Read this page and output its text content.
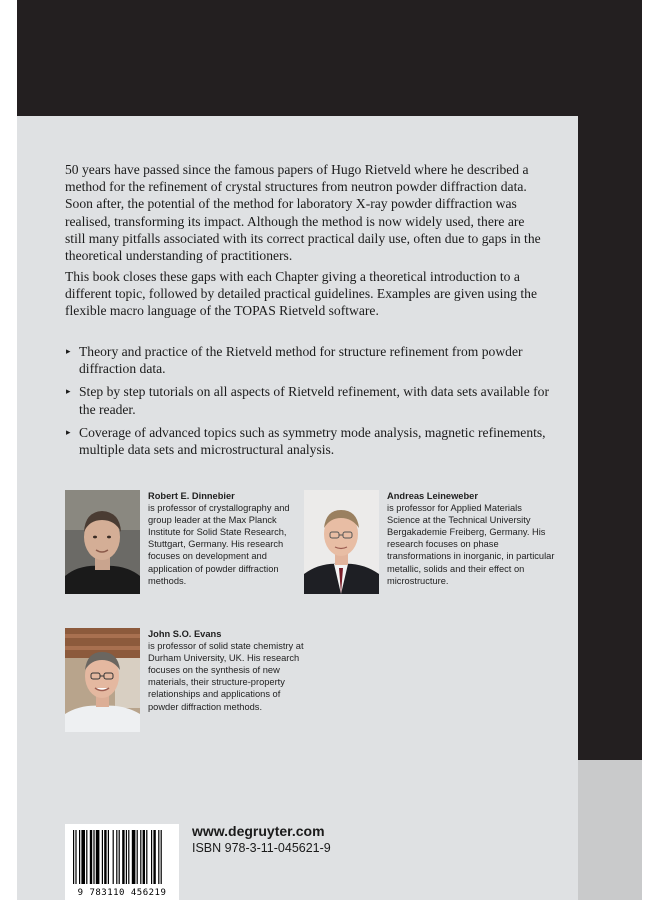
50 years have passed since the famous papers of Hugo Rietveld where he described a method for the refinement of crystal structures from neutron powder diffraction data. Soon after, the potential of the method for laboratory X-ray powder diffraction was realised, transforming its impact. Although the method is now widely used, there are still many pitfalls associated with its correct practical daily use, often due to gaps in the theoretical understanding of practitioners.

This book closes these gaps with each Chapter giving a theoretical introduction to a different topic, followed by detailed practical guidelines. Examples are given using the flexible macro language of the TOPAS Rietveld software.

▸ Theory and practice of the Rietveld method for structure refinement from powder diffraction data.
▸ Step by step tutorials on all aspects of Rietveld refinement, with data sets available for the reader.
▸ Coverage of advanced topics such as symmetry mode analysis, magnetic refinements, multiple data sets and microstructural analysis.

Robert E. Dinnebier
is professor of crystallography and group leader at the Max Planck Institute for Solid State Research, Stuttgart, Germany. His research focuses on development and application of powder diffraction methods.

Andreas Leineweber
is professor for Applied Materials Science at the Technical University Bergakademie Freiberg, Germany. His research focuses on phase transformations in inorganic, in particular metallic, solids and their effect on microstructure.

John S.O. Evans
is professor of solid state chemistry at Durham University, UK. His research focuses on the synthesis of new materials, their structure-property relationships and applications of powder diffraction methods.

9 783110 456219
www.degruyter.com
ISBN 978-3-11-045621-9
